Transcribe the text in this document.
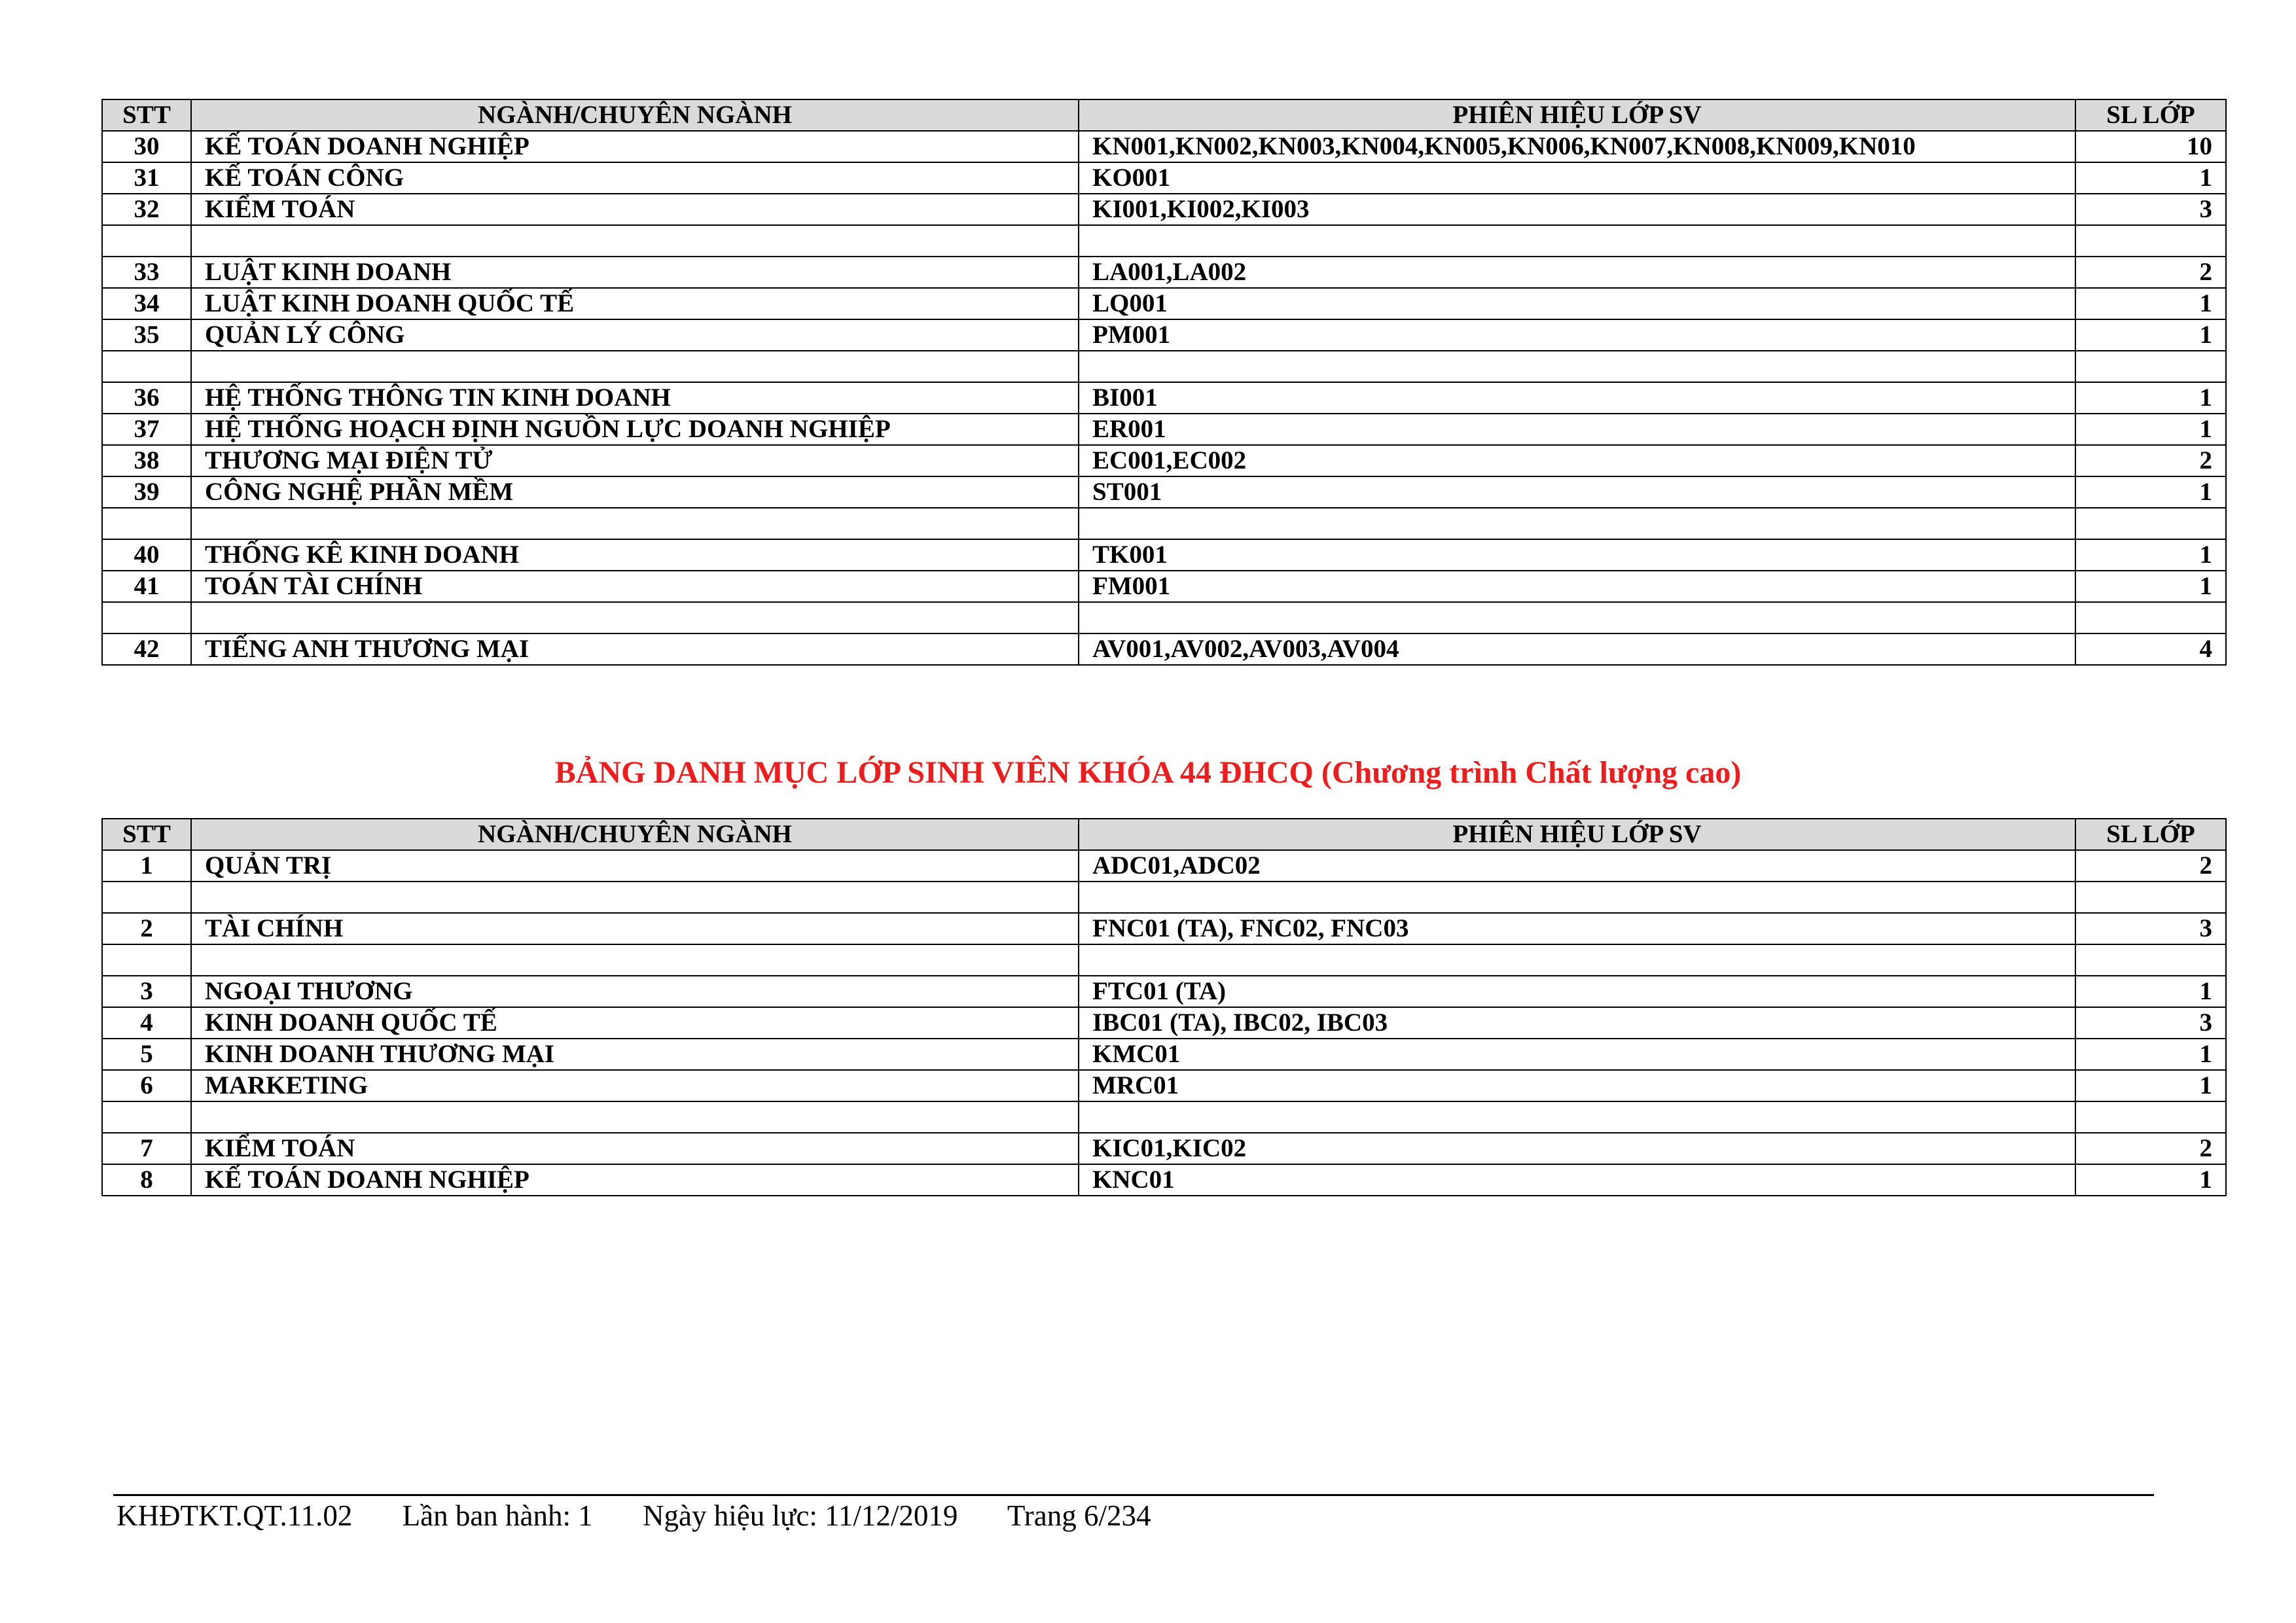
STT	NGÀNH/CHUYÊN NGÀNH	PHIÊN HIỆU LỚP SV	SL LỚP
30	KẾ TOÁN DOANH NGHIỆP	KN001,KN002,KN003,KN004,KN005,KN006,KN007,KN008,KN009,KN010	10
31	KẾ TOÁN CÔNG	KO001	1
32	KIỂM TOÁN	KI001,KI002,KI003	3

33	LUẬT KINH DOANH	LA001,LA002	2
34	LUẬT KINH DOANH QUỐC TẾ	LQ001	1
35	QUẢN LÝ CÔNG	PM001	1

36	HỆ THỐNG THÔNG TIN KINH DOANH	BI001	1
37	HỆ THỐNG HOẠCH ĐỊNH NGUỒN LỰC DOANH NGHIỆP	ER001	1
38	THƯƠNG MẠI ĐIỆN TỬ	EC001,EC002	2
39	CÔNG NGHỆ PHẦN MỀM	ST001	1

40	THỐNG KÊ KINH DOANH	TK001	1
41	TOÁN TÀI CHÍNH	FM001	1

42	TIẾNG ANH THƯƠNG MẠI	AV001,AV002,AV003,AV004	4
BẢNG DANH MỤC LỚP SINH VIÊN KHÓA 44 ĐHCQ (Chương trình Chất lượng cao)
STT	NGÀNH/CHUYÊN NGÀNH	PHIÊN HIỆU LỚP SV	SL LỚP
1	QUẢN TRỊ	ADC01,ADC02	2

2	TÀI CHÍNH	FNC01 (TA), FNC02, FNC03	3

3	NGOẠI THƯƠNG	FTC01 (TA)	1
4	KINH DOANH QUỐC TẾ	IBC01 (TA), IBC02, IBC03	3
5	KINH DOANH THƯƠNG MẠI	KMC01	1
6	MARKETING	MRC01	1

7	KIỂM TOÁN	KIC01,KIC02	2
8	KẾ TOÁN DOANH NGHIỆP	KNC01	1
KHĐTKT.QT.11.02 Lần ban hành: 1 Ngày hiệu lực: 11/12/2019 Trang 6/234
